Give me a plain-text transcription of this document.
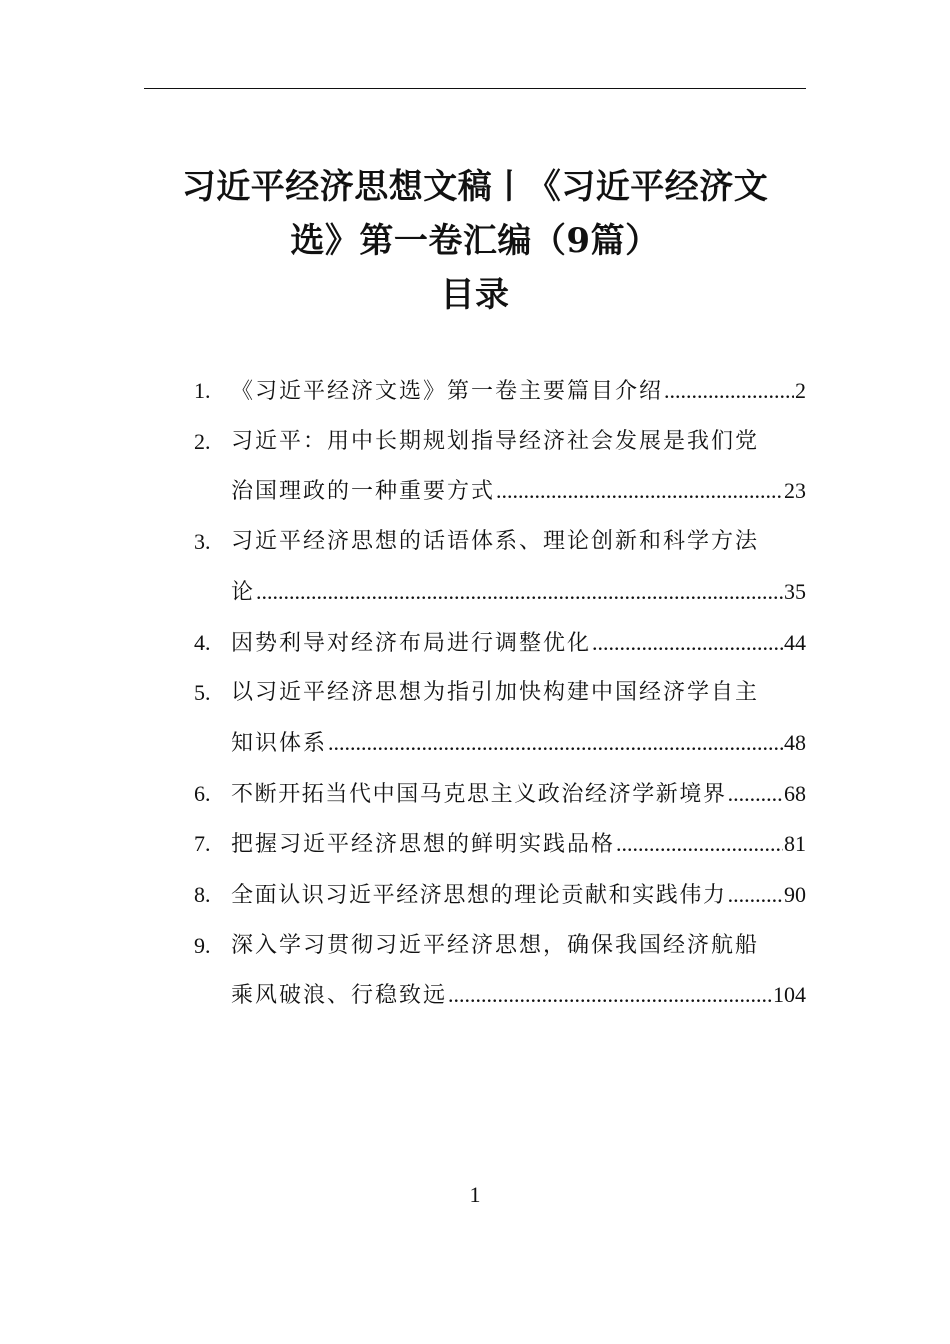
习近平经济思想文稿丨《习近平经济文
选》第一卷汇编（9篇）
目录
1. 《习近平经济文选》第一卷主要篇目介绍 .....	2
2. 习近平：用中长期规划指导经济社会发展是我们党
治国理政的一种重要方式 .....	23
3. 习近平经济思想的话语体系、理论创新和科学方法
论 .....	35
4. 因势利导对经济布局进行调整优化 .....	44
5. 以习近平经济思想为指引加快构建中国经济学自主
知识体系 .....	48
6. 不断开拓当代中国马克思主义政治经济学新境界 .....	68
7. 把握习近平经济思想的鲜明实践品格 .....	81
8. 全面认识习近平经济思想的理论贡献和实践伟力 .....	90
9. 深入学习贯彻习近平经济思想，确保我国经济航船
乘风破浪、行稳致远 .....	104
1
